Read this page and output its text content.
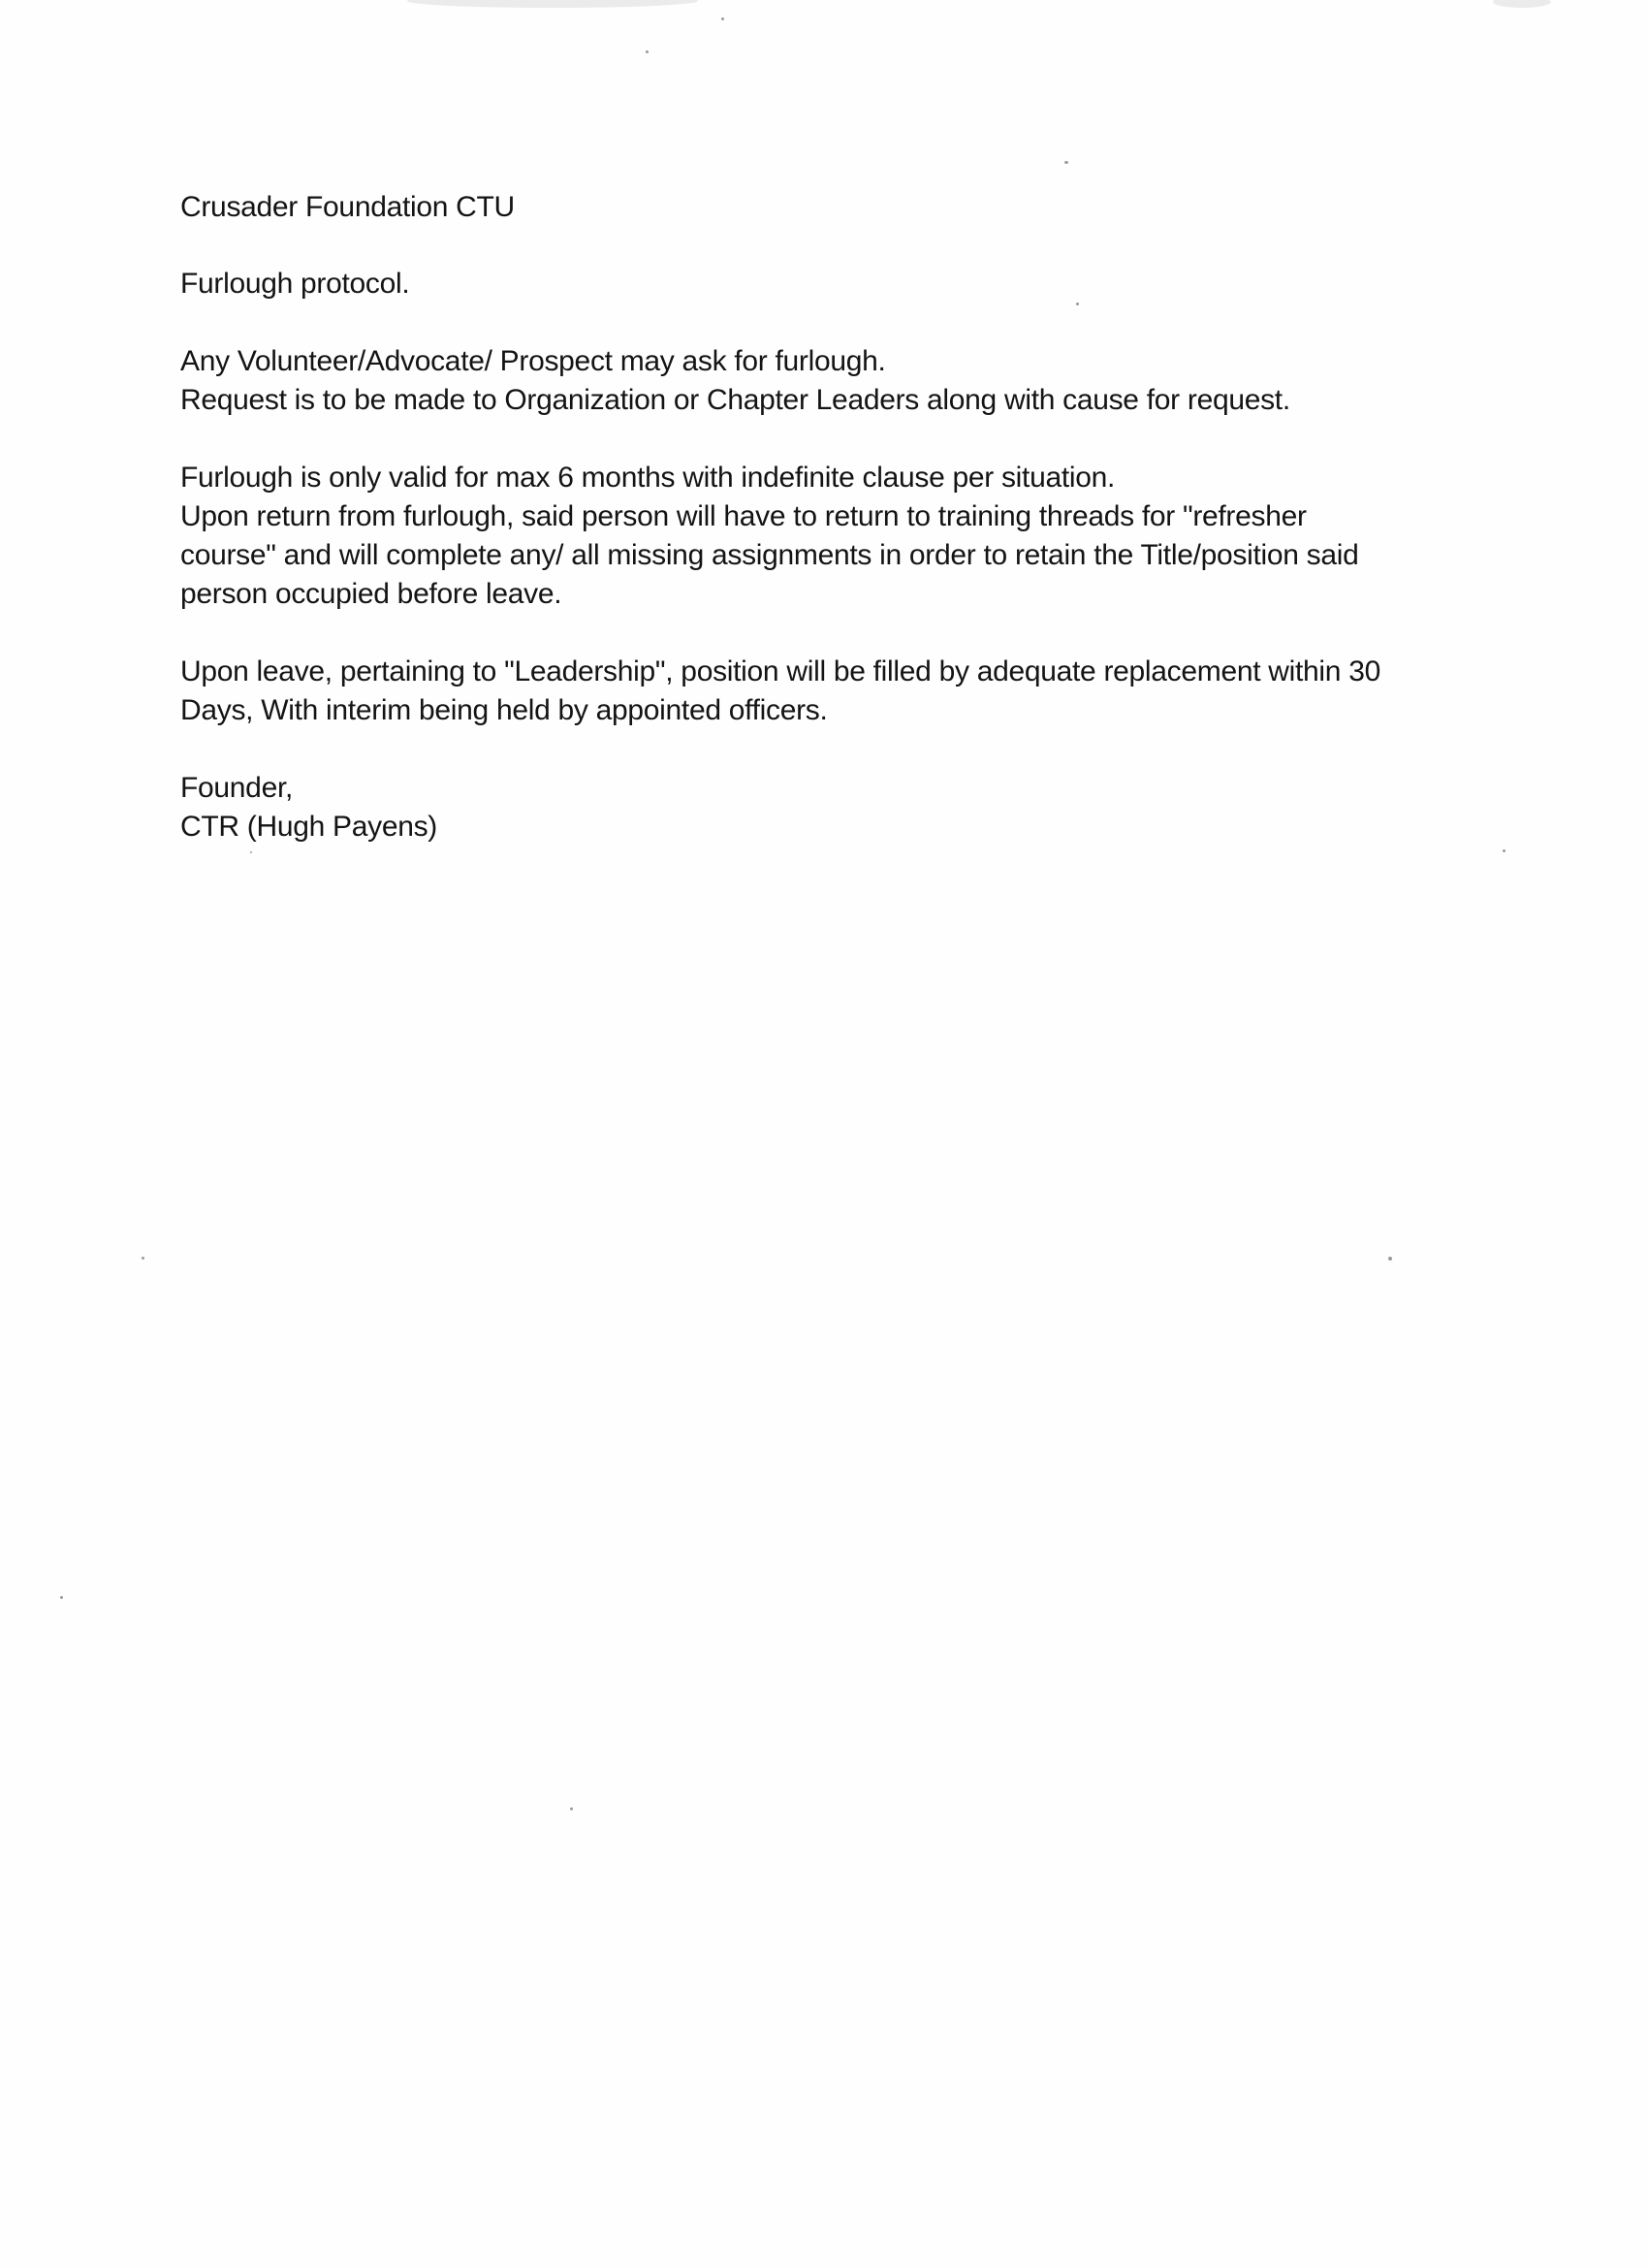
Crusader Foundation CTU

Furlough protocol.

Any Volunteer/Advocate/ Prospect may ask for furlough.

Request is to be made to Organization or Chapter Leaders along with cause for request.

Furlough is only valid for max 6 months with indefinite clause per situation.

Upon return from furlough, said person will have to return to training threads for "refresher

course" and will complete any/ all missing assignments in order to retain the Title/position said

person occupied before leave.

Upon leave, pertaining to "Leadership", position will be filled by adequate replacement within 30

Days, With interim being held by appointed officers.

Founder,

CTR (Hugh Payens)
